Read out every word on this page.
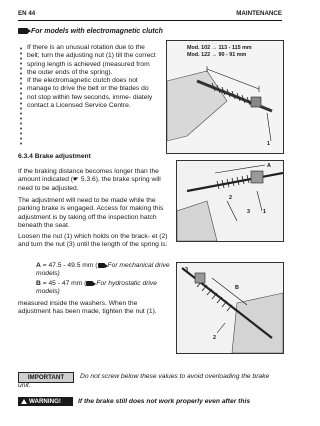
EN 44	MAINTENANCE
For models with electromagnetic clutch

If there is an unusual rotation due to the belt; turn the adjusting nut (1) till the correct spring length is achieved (measured from the outer ends of the spring).

If the electromagnetic clutch does not manage to drive the belt or the blades do not stop within few seconds, imme- diately contact a Licensed Service Centre.

Mod. 102 → 113 - 115 mm
Mod. 122 → 90 - 91 mm
1
6.3.4 Brake adjustment
If the braking distance becomes longer than the amount indicated (☛ 5.3.6), the brake spring will need to be adjusted.
The adjustment will need to be made while the parking brake is engaged. Access for making this adjustment is by taking off the inspection hatch beneath the seat.
Loosen the nut (1) which holds on the brack- et (2) and turn the nut (3) until the length of the spring is:
A = 47.5 - 49.5 mm ( For mechanical drive models)
B = 45 - 47 mm ( For hydrostatic drive models)
measured inside the washers. When the adjustment has been made, tighten the nut (1).
A
1
2
3
3
B
2
IMPORTANT	Do not screw below these values to avoid overloading the brake unit.
WARNING!	If the brake still does not work properly even after this
